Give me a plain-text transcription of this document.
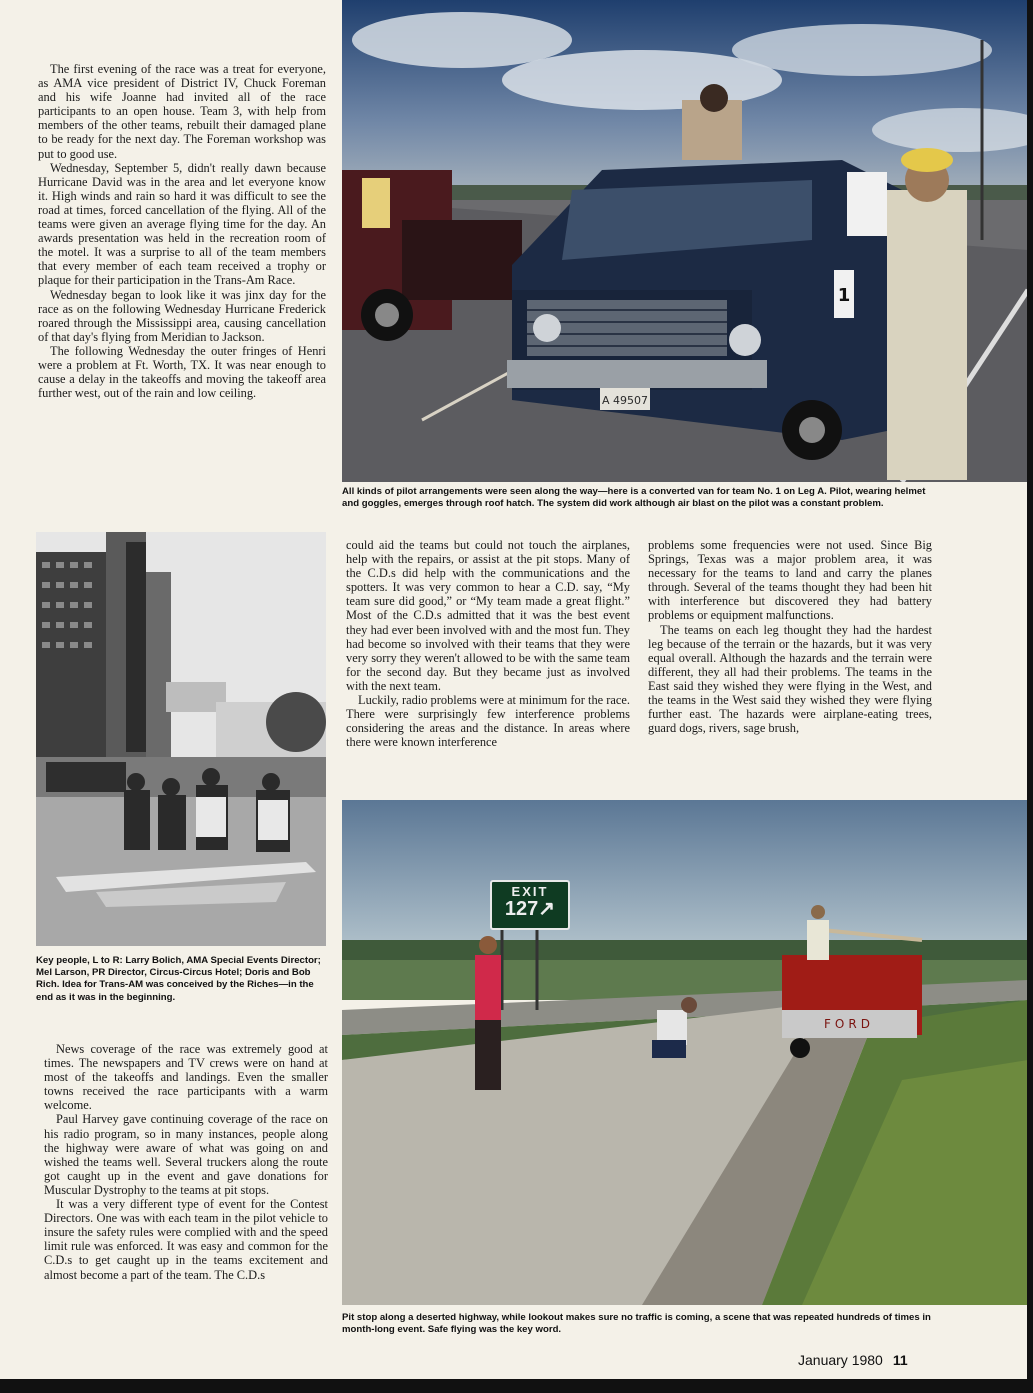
The first evening of the race was a treat for everyone, as AMA vice president of District IV, Chuck Foreman and his wife Joanne had invited all of the race participants to an open house. Team 3, with help from members of the other teams, rebuilt their damaged plane to be ready for the next day. The Foreman workshop was put to good use.

Wednesday, September 5, didn't really dawn because Hurricane David was in the area and let everyone know it. High winds and rain so hard it was difficult to see the road at times, forced cancellation of the flying. All of the teams were given an average flying time for the day. An awards presentation was held in the recreation room of the motel. It was a surprise to all of the team members that every member of each team received a trophy or plaque for their participation in the Trans-Am Race.

Wednesday began to look like it was jinx day for the race as on the following Wednesday Hurricane Frederick roared through the Mississippi area, causing cancellation of that day's flying from Meridian to Jackson.

The following Wednesday the outer fringes of Henri were a problem at Ft. Worth, TX. It was near enough to cause a delay in the takeoffs and moving the takeoff area further west, out of the rain and low ceiling.

A 49507
1
All kinds of pilot arrangements were seen along the way—here is a converted van for team No. 1 on Leg A. Pilot, wearing helmet and goggles, emerges through roof hatch. The system did work although air blast on the pilot was a constant problem.
Key people, L to R: Larry Bolich, AMA Special Events Director; Mel Larson, PR Director, Circus-Circus Hotel; Doris and Bob Rich. Idea for Trans-AM was conceived by the Riches—in the end as it was in the beginning.

News coverage of the race was extremely good at times. The newspapers and TV crews were on hand at most of the takeoffs and landings. Even the smaller towns received the race participants with a warm welcome.

Paul Harvey gave continuing coverage of the race on his radio program, so in many instances, people along the highway were aware of what was going on and wished the teams well. Several truckers along the route got caught up in the event and gave donations for Muscular Dystrophy to the teams at pit stops.

It was a very different type of event for the Contest Directors. One was with each team in the pilot vehicle to insure the safety rules were complied with and the speed limit rule was enforced. It was easy and common for the C.D.s to get caught up in the teams excitement and almost become a part of the team. The C.D.s

could aid the teams but could not touch the airplanes, help with the repairs, or assist at the pit stops. Many of the C.D.s did help with the communications and the spotters. It was very common to hear a C.D. say, “My team sure did good,” or “My team made a great flight.” Most of the C.D.s admitted that it was the best event they had ever been involved with and the most fun. They had become so involved with their teams that they were very sorry they weren't allowed to be with the same team for the second day. But they became just as involved with the next team.

Luckily, radio problems were at minimum for the race. There were surprisingly few interference problems considering the areas and the distance. In areas where there were known interference

problems some frequencies were not used. Since Big Springs, Texas was a major problem area, it was necessary for the teams to land and carry the planes through. Several of the teams thought they had been hit with interference but discovered they had battery problems or equipment malfunctions.

The teams on each leg thought they had the hardest leg because of the terrain or the hazards, but it was very equal overall. Although the hazards and the terrain were different, they all had their problems. The teams in the East said they wished they were flying in the West, and the teams in the West said they wished they were flying further east. The hazards were airplane-eating trees, guard dogs, rivers, sage brush,

FORD
EXIT
127↗
Pit stop along a deserted highway, while lookout makes sure no traffic is coming, a scene that was repeated hundreds of times in month-long event. Safe flying was the key word.
January 1980 11
